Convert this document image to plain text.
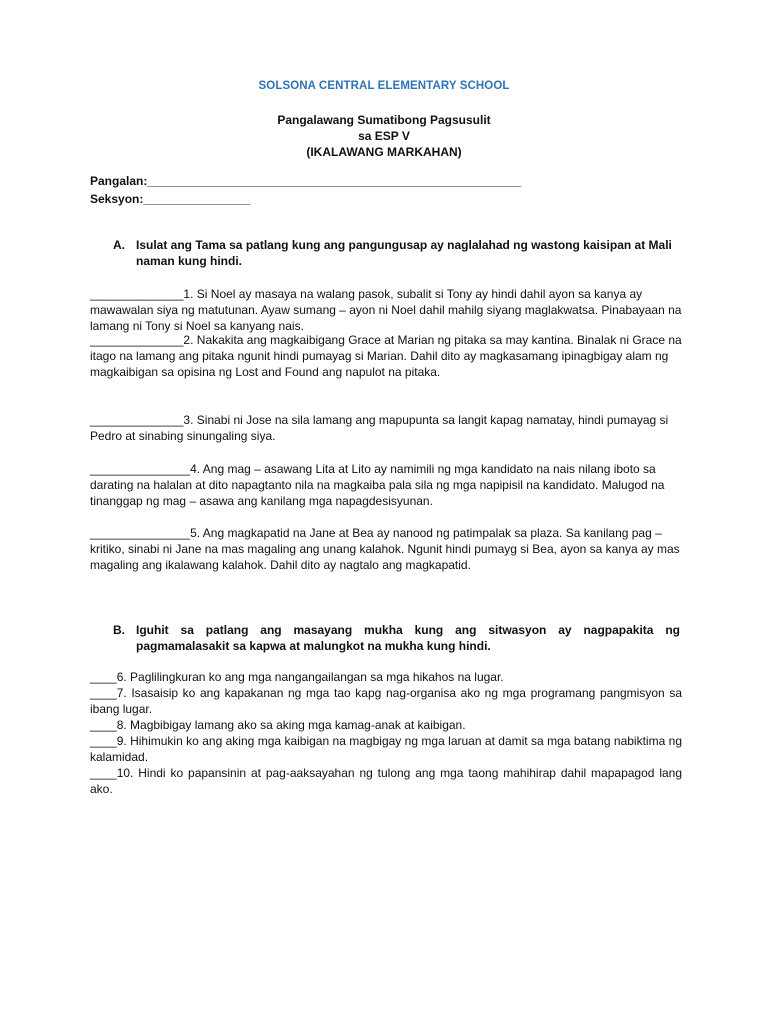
SOLSONA CENTRAL ELEMENTARY SCHOOL
Pangalawang Sumatibong Pagsusulit
sa ESP V
(IKALAWANG MARKAHAN)
Pangalan:________________________________________________________
Seksyon:________________
A. Isulat ang Tama sa patlang kung ang pangungusap ay naglalahad ng wastong kaisipan at Mali naman kung hindi.
______________1. Si Noel ay masaya na walang pasok, subalit si Tony ay hindi dahil ayon sa kanya ay mawawalan siya ng matutunan. Ayaw sumang – ayon ni Noel dahil mahilg siyang maglakwatsa. Pinabayaan na lamang ni Tony si Noel sa kanyang nais.
______________2. Nakakita ang magkaibigang Grace at Marian ng pitaka sa may kantina. Binalak ni Grace na itago na lamang ang pitaka ngunit hindi pumayag si Marian. Dahil dito ay magkasamang ipinagbigay alam ng magkaibigan sa opisina ng Lost and Found ang napulot na pitaka.
______________3. Sinabi ni Jose na sila lamang ang mapupunta sa langit kapag namatay, hindi pumayag si Pedro at sinabing sinungaling siya.
_______________4. Ang mag – asawang Lita at Lito ay namimili ng mga kandidato na nais nilang iboto sa darating na halalan at dito napagtanto nila na magkaiba pala sila ng mga napipisil na kandidato. Malugod na tinanggap ng mag – asawa ang kanilang mga napagdesisyunan.
_______________5. Ang magkapatid na Jane at Bea ay nanood ng patimpalak sa plaza. Sa kanilang pag – kritiko, sinabi ni Jane na mas magaling ang unang kalahok. Ngunit hindi pumayg si Bea, ayon sa kanya ay mas magaling ang ikalawang kalahok. Dahil dito ay nagtalo ang magkapatid.
B. Iguhit sa patlang ang masayang mukha kung ang sitwasyon ay nagpapakita ng pagmamalasakit sa kapwa at malungkot na mukha kung hindi.
____6. Paglilingkuran ko ang mga nangangailangan sa mga hikahos na lugar.
____7. Isasaisip ko ang kapakanan ng mga tao kapg nag-organisa ako ng mga programang pangmisyon sa ibang lugar.
____8. Magbibigay lamang ako sa aking mga kamag-anak at kaibigan.
____9. Hihimukin ko ang aking mga kaibigan na magbigay ng mga laruan at damit sa mga batang nabiktima ng kalamidad.
____10. Hindi ko papansinin at pag-aaksayahan ng tulong ang mga taong mahihirap dahil mapapagod lang ako.
